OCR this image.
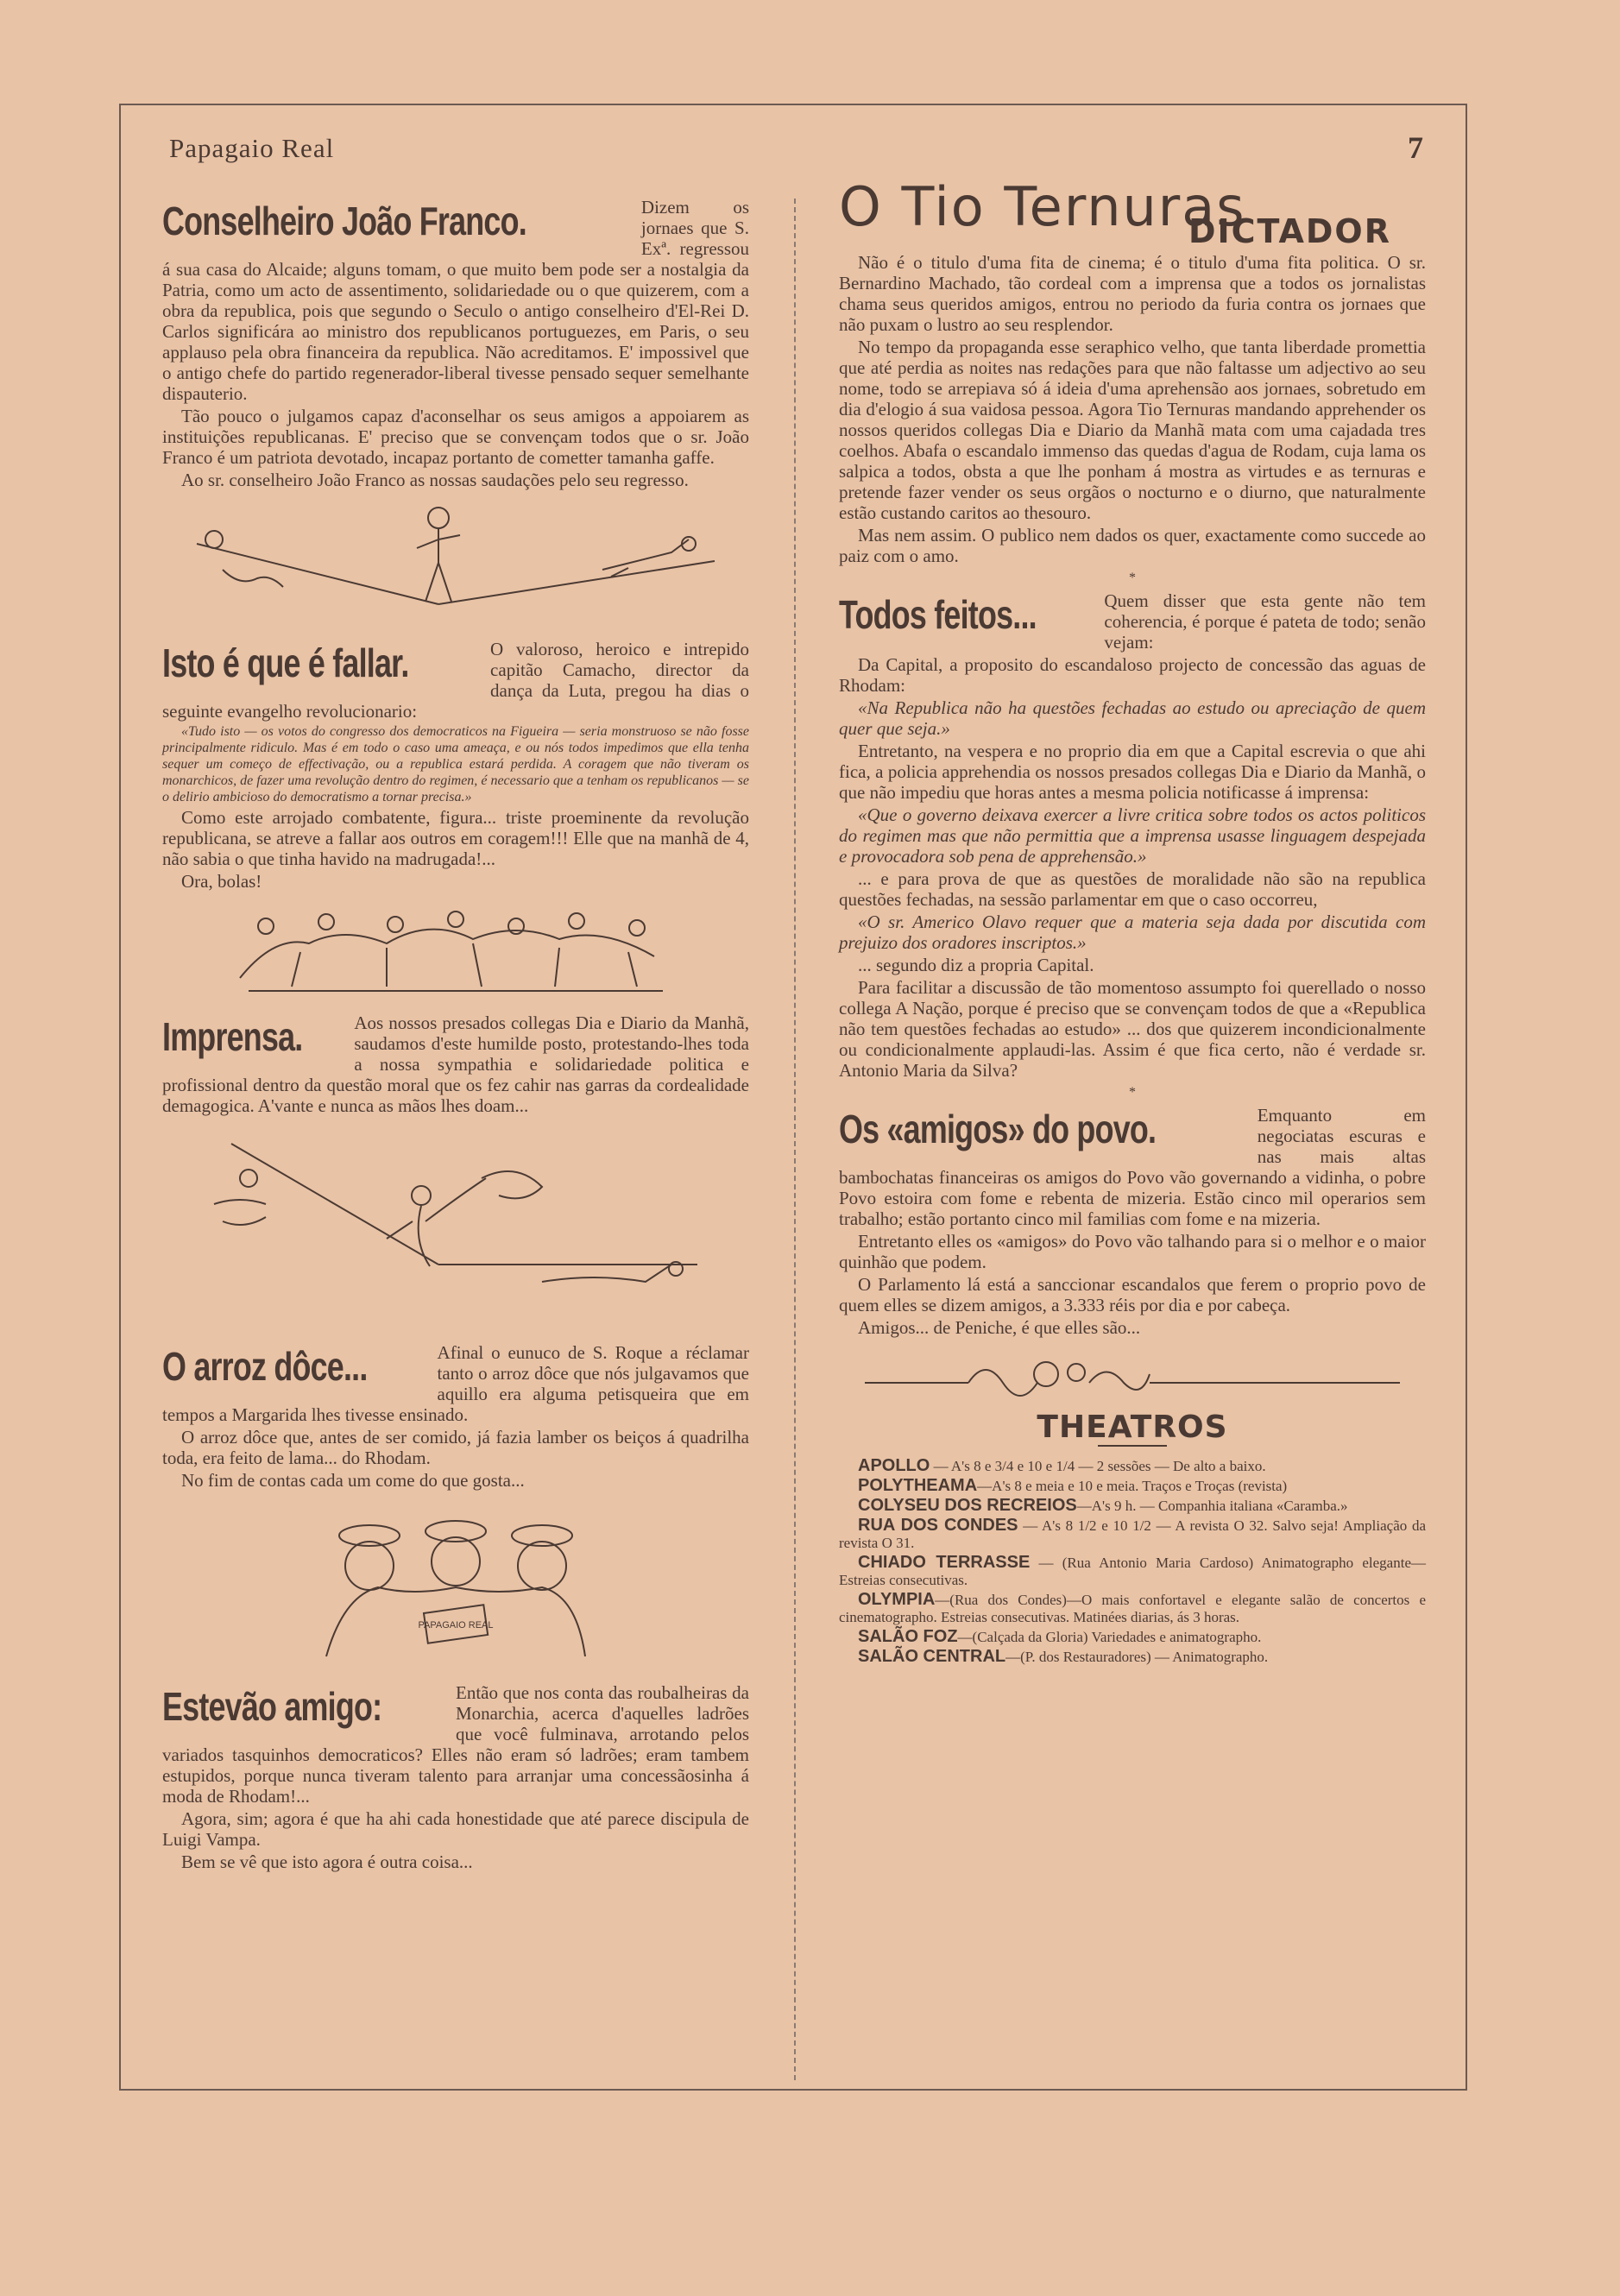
Papagaio Real	7
Conselheiro João Franco.	Dizem os jornaes que S. Exª. regressou á sua casa do Alcaide; alguns tomam, o que muito bem pode ser a nostalgia da Patria, como um acto de assentimento, solidariedade ou o que quizerem, com a obra da republica, pois que segundo o Seculo o antigo conselheiro d'El-Rei D. Carlos significára ao ministro dos republicanos portuguezes, em Paris, o seu applauso pela obra financeira da republica. Não acreditamos. E' impossivel que o antigo chefe do partido regenerador-liberal tivesse pensado sequer semelhante dispauterio.

Tão pouco o julgamos capaz d'aconselhar os seus amigos a appoiarem as instituições republicanas. E' preciso que se convençam todos que o sr. João Franco é um patriota devotado, incapaz portanto de cometter tamanha gaffe.

Ao sr. conselheiro João Franco as nossas saudações pelo seu regresso.

Isto é que é fallar.	O valoroso, heroico e intrepido capitão Camacho, director da dança da Luta, pregou ha dias o seguinte evangelho revolucionario:

«Tudo isto — os votos do congresso dos democraticos na Figueira — seria monstruoso se não fosse principalmente ridiculo. Mas é em todo o caso uma ameaça, e ou nós todos impedimos que ella tenha sequer um começo de effectivação, ou a republica estará perdida. A coragem que não tiveram os monarchicos, de fazer uma revolução dentro do regimen, é necessario que a tenham os republicanos — se o delirio ambicioso do democratismo a tornar precisa.»

Como este arrojado combatente, figura... triste proeminente da revolução republicana, se atreve a fallar aos outros em coragem!!! Elle que na manhã de 4, não sabia o que tinha havido na madrugada!...

Ora, bolas!

Imprensa.	Aos nossos presados collegas Dia e Diario da Manhã, saudamos d'este humilde posto, protestando-lhes toda a nossa sympathia e solidariedade politica e profissional dentro da questão moral que os fez cahir nas garras da cordealidade demagogica. A'vante e nunca as mãos lhes doam...

O arroz dôce...	Afinal o eunuco de S. Roque a réclamar tanto o arroz dôce que nós julgavamos que aquillo era alguma petisqueira que em tempos a Margarida lhes tivesse ensinado.

O arroz dôce que, antes de ser comido, já fazia lamber os beiços á quadrilha toda, era feito de lama... do Rhodam.

No fim de contas cada um come do que gosta...

PAPAGAIO REAL
Estevão amigo:	Então que nos conta das roubalheiras da Monarchia, acerca d'aquelles ladrões que você fulminava, arrotando pelos variados tasquinhos democraticos? Elles não eram só ladrões; eram tambem estupidos, porque nunca tiveram talento para arranjar uma concessãosinha á moda de Rhodam!...

Agora, sim; agora é que ha ahi cada honestidade que até parece discipula de Luigi Vampa.

Bem se vê que isto agora é outra coisa...

O Tio Ternuras
DICTADOR

Não é o titulo d'uma fita de cinema; é o titulo d'uma fita politica. O sr. Bernardino Machado, tão cordeal com a imprensa que a todos os jornalistas chama seus queridos amigos, entrou no periodo da furia contra os jornaes que não puxam o lustro ao seu resplendor.

No tempo da propaganda esse seraphico velho, que tanta liberdade promettia que até perdia as noites nas redações para que não faltasse um adjectivo ao seu nome, todo se arrepiava só á ideia d'uma aprehensão aos jornaes, sobretudo em dia d'elogio á sua vaidosa pessoa. Agora Tio Ternuras mandando apprehender os nossos queridos collegas Dia e Diario da Manhã mata com uma cajadada tres coelhos. Abafa o escandalo immenso das quedas d'agua de Rodam, cuja lama os salpica a todos, obsta a que lhe ponham á mostra as virtudes e as ternuras e pretende fazer vender os seus orgãos o nocturno e o diurno, que naturalmente estão custando caritos ao thesouro.

Mas nem assim. O publico nem dados os quer, exactamente como succede ao paiz com o amo.

*
Todos feitos...	Quem disser que esta gente não tem coherencia, é porque é pateta de todo; senão vejam:

Da Capital, a proposito do escandaloso projecto de concessão das aguas de Rhodam:

«Na Republica não ha questões fechadas ao estudo ou apreciação de quem quer que seja.»

Entretanto, na vespera e no proprio dia em que a Capital escrevia o que ahi fica, a policia apprehendia os nossos presados collegas Dia e Diario da Manhã, o que não impediu que horas antes a mesma policia notificasse á imprensa:

«Que o governo deixava exercer a livre critica sobre todos os actos politicos do regimen mas que não permittia que a imprensa usasse linguagem despejada e provocadora sob pena de apprehensão.»

... e para prova de que as questões de moralidade não são na republica questões fechadas, na sessão parlamentar em que o caso occorreu,

«O sr. Americo Olavo requer que a materia seja dada por discutida com prejuizo dos oradores inscriptos.»

... segundo diz a propria Capital.

Para facilitar a discussão de tão momentoso assumpto foi querellado o nosso collega A Nação, porque é preciso que se convençam todos de que a «Republica não tem questões fechadas ao estudo» ... dos que quizerem incondicionalmente ou condicionalmente applaudi-las. Assim é que fica certo, não é verdade sr. Antonio Maria da Silva?

*
Os «amigos» do povo.	Emquanto em negociatas escuras e nas mais altas bambochatas financeiras os amigos do Povo vão governando a vidinha, o pobre Povo estoira com fome e rebenta de mizeria. Estão cinco mil operarios sem trabalho; estão portanto cinco mil familias com fome e na mizeria.

Entretanto elles os «amigos» do Povo vão talhando para si o melhor e o maior quinhão que podem.

O Parlamento lá está a sanccionar escandalos que ferem o proprio povo de quem elles se dizem amigos, a 3.333 réis por dia e por cabeça.

Amigos... de Peniche, é que elles são...

THEATROS

APOLLO — A's 8 e 3/4 e 10 e 1/4 — 2 sessões — De alto a baixo.

POLYTHEAMA—A's 8 e meia e 10 e meia. Traços e Troças (revista)

COLYSEU DOS RECREIOS—A's 9 h. — Companhia italiana «Caramba.»

RUA DOS CONDES — A's 8 1/2 e 10 1/2 — A revista O 32. Salvo seja! Ampliação da revista O 31.

CHIADO TERRASSE — (Rua Antonio Maria Cardoso) Animatographo elegante—Estreias consecutivas.

OLYMPIA—(Rua dos Condes)—O mais confortavel e elegante salão de concertos e cinematographo. Estreias consecutivas. Matinées diarias, ás 3 horas.

SALÃO FOZ—(Calçada da Gloria) Variedades e animatographo.

SALÃO CENTRAL—(P. dos Restauradores) — Animatographo.
